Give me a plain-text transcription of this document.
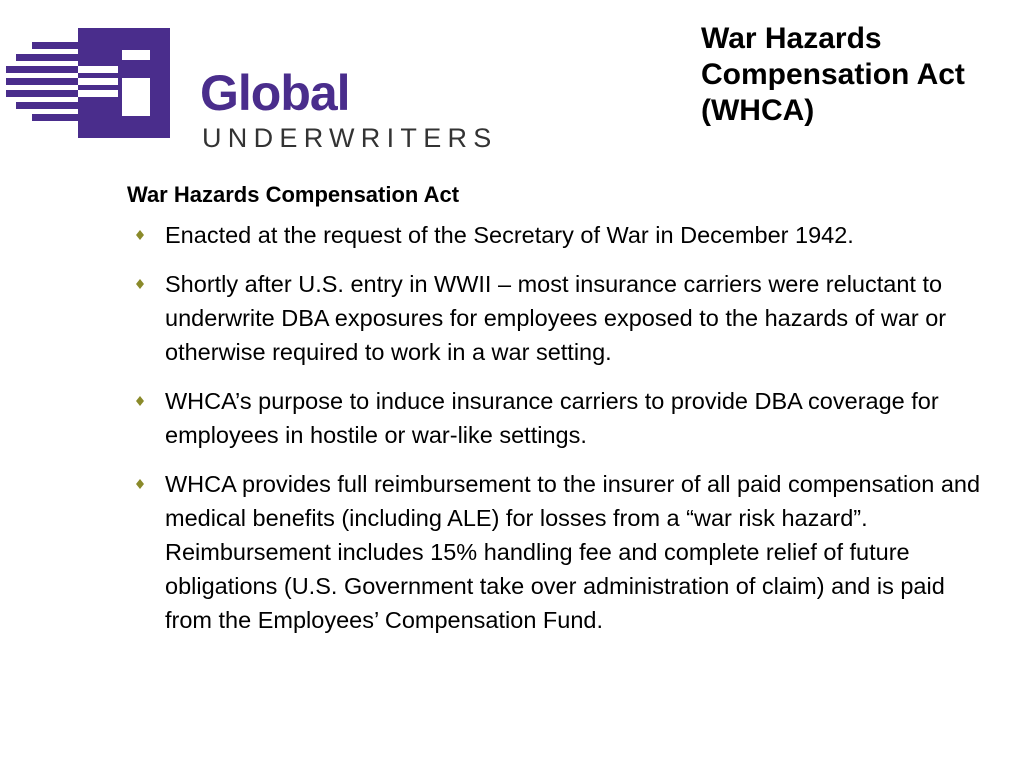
Global
UNDERWRITERS
War Hazards Compensation Act (WHCA)

War Hazards Compensation Act

Enacted at the request of the Secretary of War in December 1942.
Shortly after U.S. entry in WWII – most insurance carriers were reluctant to underwrite DBA exposures for employees exposed to the hazards of war or otherwise required to work in a war setting.
WHCA’s purpose to induce insurance carriers to provide DBA coverage for employees in hostile or war-like settings.
WHCA provides full reimbursement to the insurer of all paid compensation and medical benefits (including ALE) for losses from a “war risk hazard”. Reimbursement includes 15% handling fee and complete relief of future obligations (U.S. Government take over administration of claim) and is paid from the Employees’ Compensation Fund.
